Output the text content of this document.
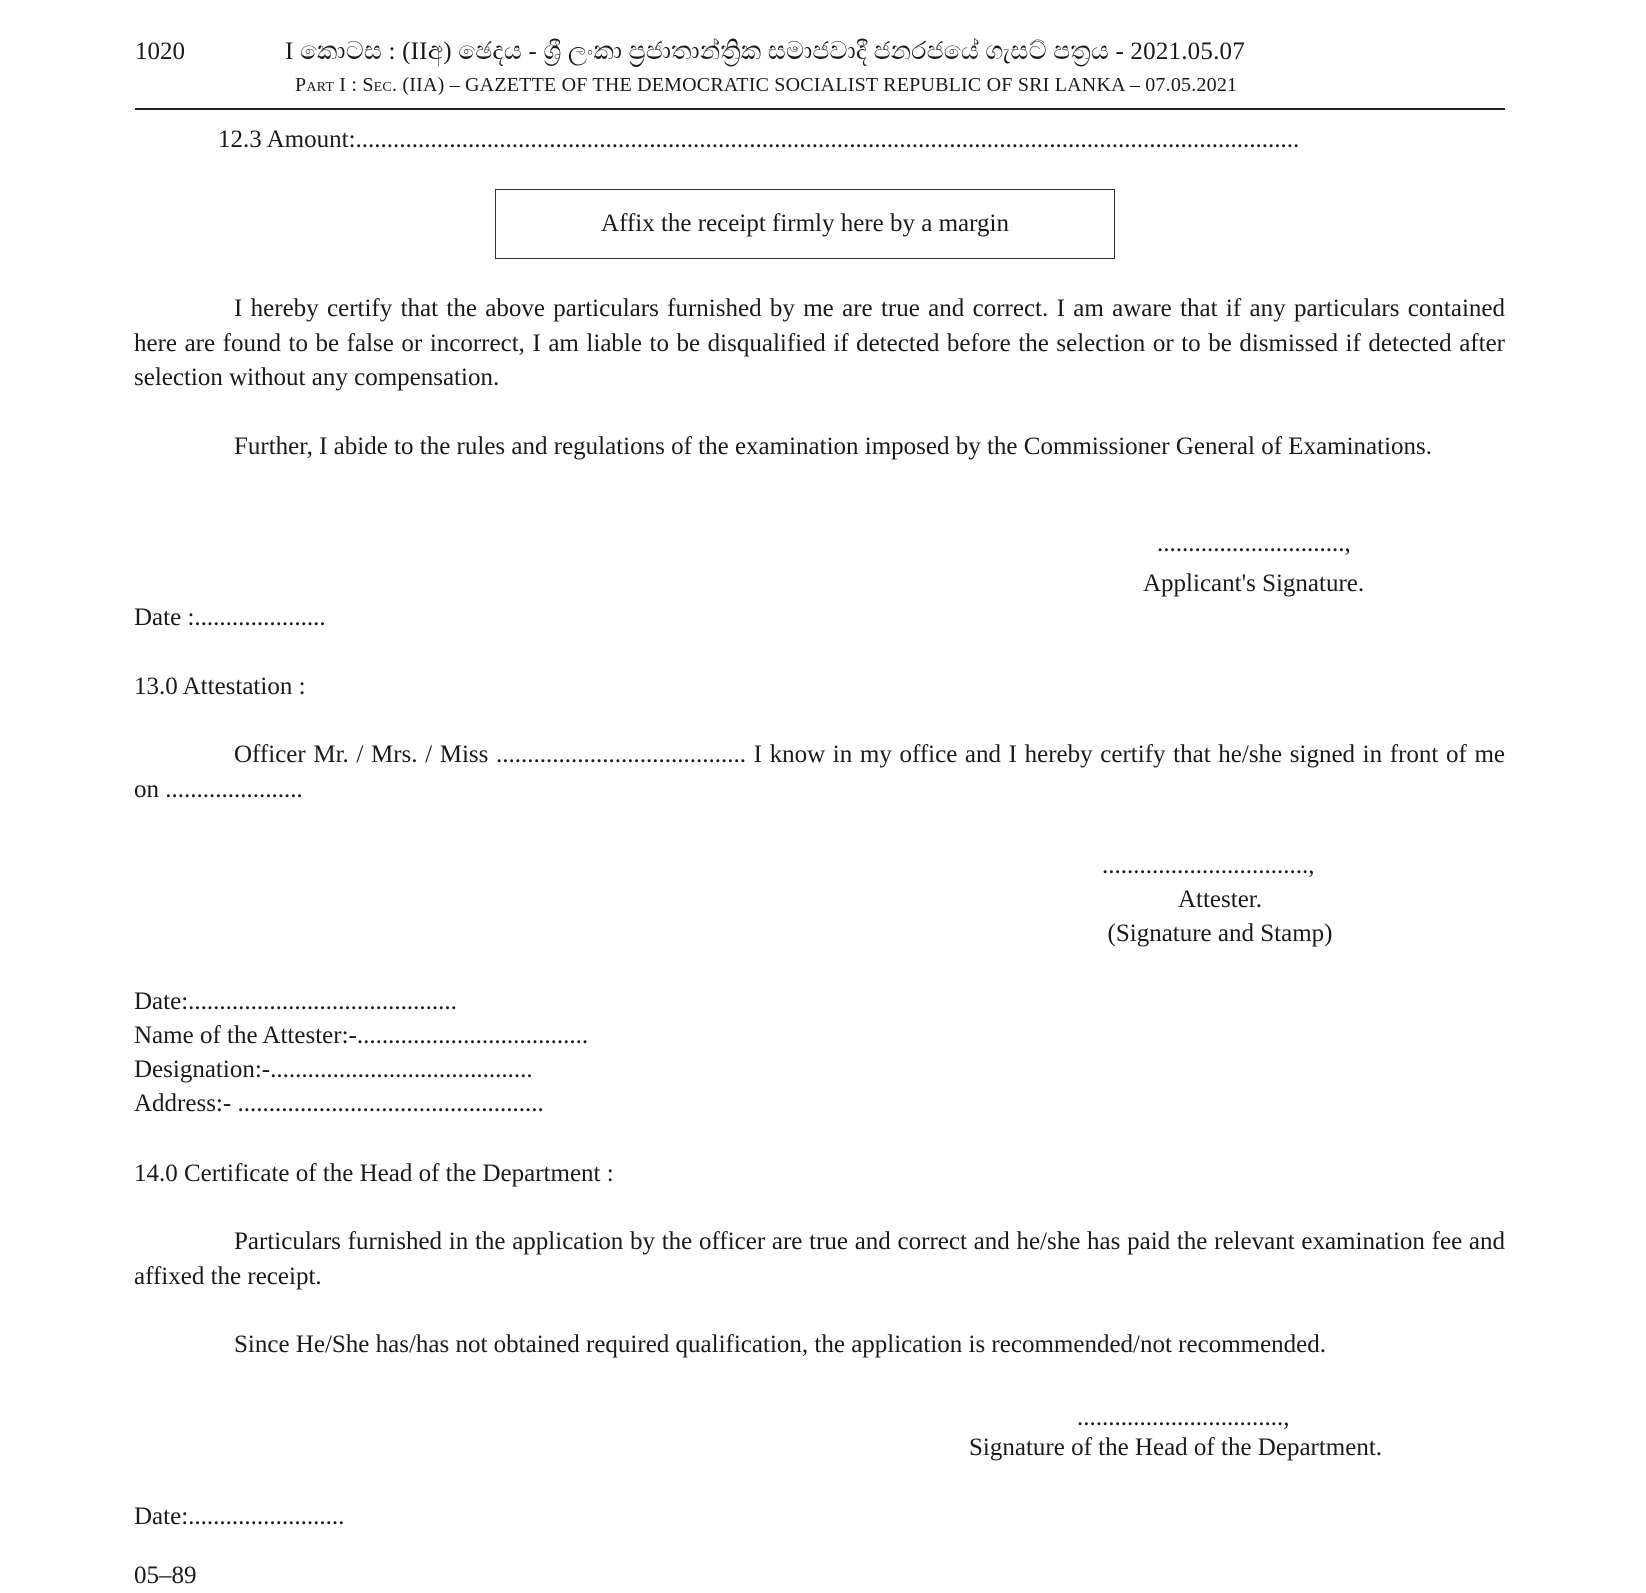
1020	I කොටස : (IIඅ) ඡෙදය - ශ්‍රී ලංකා ප්‍රජාතාන්ත්‍රික සමාජවාදී ජනරජයේ ගැසට් පත්‍රය - 2021.05.07
Part I : Sec. (IIA) – GAZETTE OF THE DEMOCRATIC SOCIALIST REPUBLIC OF SRI LANKA – 07.05.2021
12.3 Amount:.......................................................................................................................................................
Affix the receipt firmly here by a margin
I hereby certify that the above particulars furnished by me are true and correct. I am aware that if any particulars contained here are found to be false or incorrect, I am liable to be disqualified if detected before the selection or to be dismissed if detected after selection without any compensation.
Further, I abide to the rules and regulations of the examination imposed by the Commissioner General of Examinations.
..............................,
Applicant's Signature.
Date :.....................
13.0 Attestation :
Officer Mr. / Mrs. / Miss ........................................ I know in my office and I hereby certify that he/she signed in front of me on ......................
.................................,
Attester.
(Signature and Stamp)
Date:...........................................
Name of the Attester:-.....................................
Designation:-..........................................
Address:- .................................................
14.0 Certificate of the Head of the Department :
Particulars furnished in the application by the officer are true and correct and he/she has paid the relevant examination fee and affixed the receipt.
Since He/She has/has not obtained required qualification, the application is recommended/not recommended.
.................................,
Signature of the Head of the Department.
Date:.........................
05–89
